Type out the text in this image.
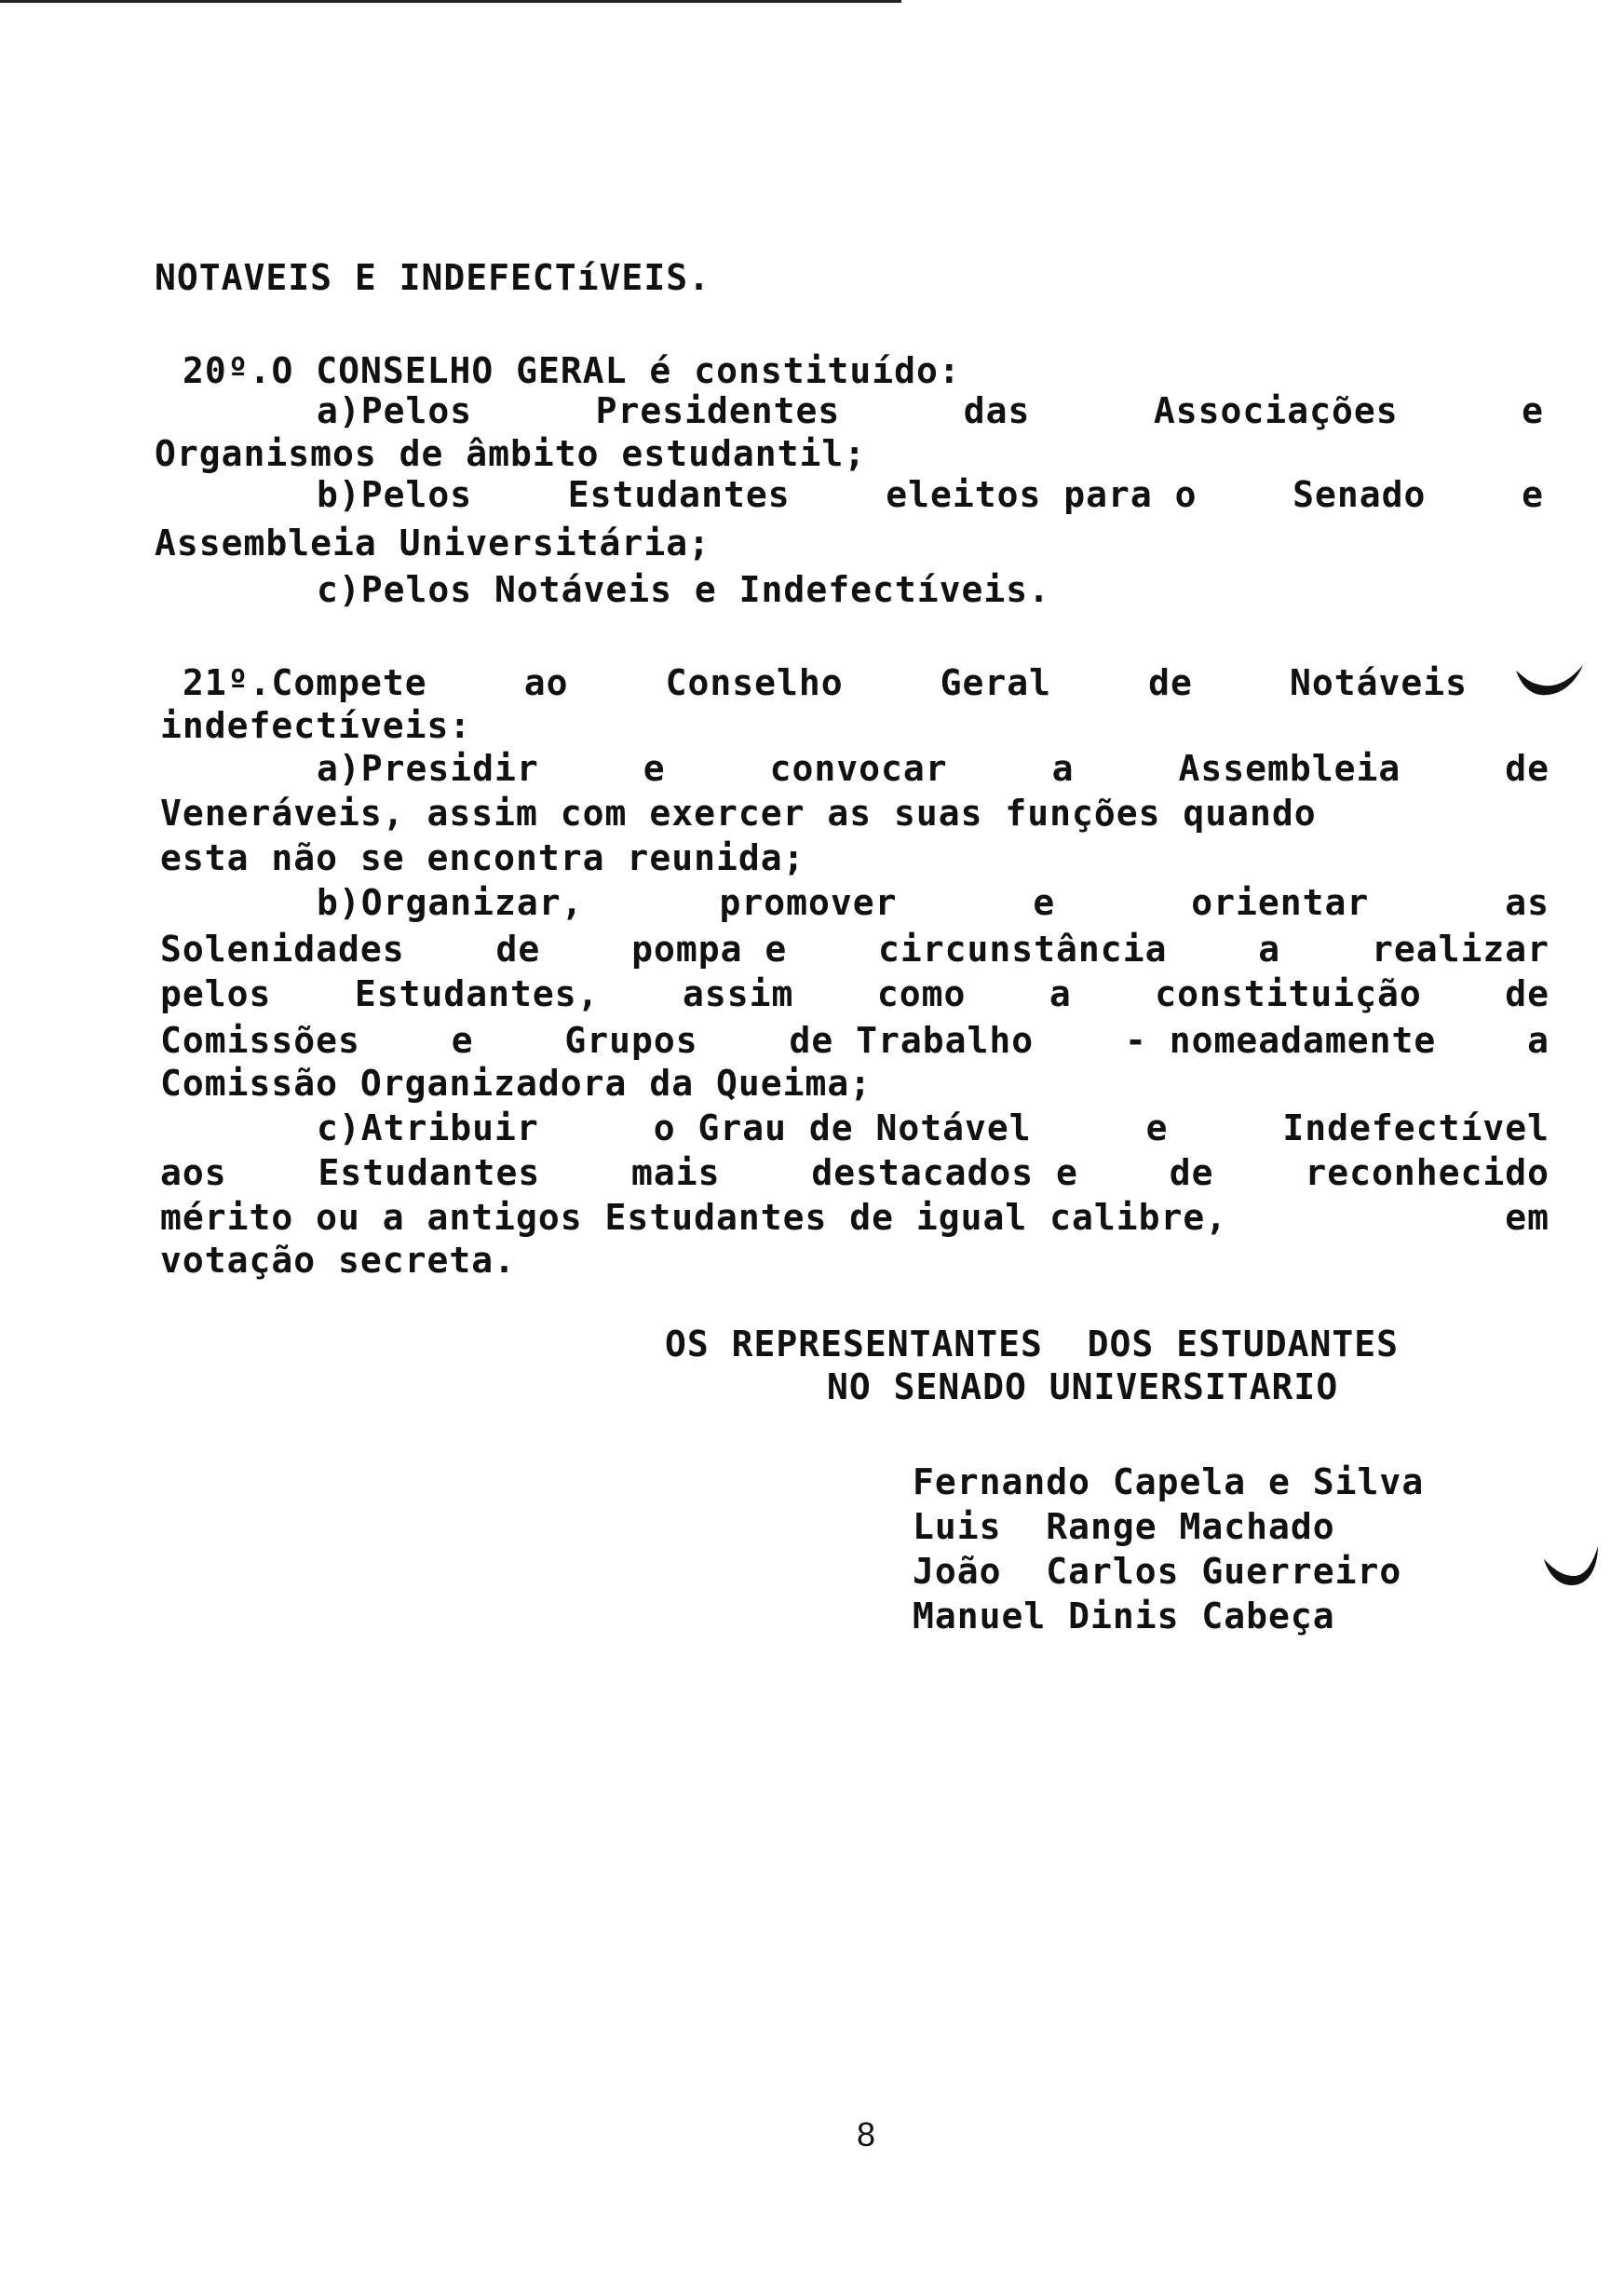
NOTAVEIS E INDEFECTíVEIS.
20º.O CONSELHO GERAL é constituído:
a)Pelos	Presidentes	das	Associações	e
Organismos de âmbito estudantil;
b)Pelos	Estudantes	eleitos para o	Senado	e
Assembleia Universitária;
c)Pelos Notáveis e Indefectíveis.
21º.Compete	ao	Conselho	Geral	de	Notáveis
indefectíveis:
a)Presidir	e	convocar	a	Assembleia	de
Veneráveis, assim com exercer as suas funções quando
esta não se encontra reunida;
b)Organizar,	promover	e	orientar	as
Solenidades	de	pompa e	circunstância	a	realizar
pelos Estudantes, assim como a constituição de
Comissões	e	Grupos	de Trabalho	- nomeadamente	a
Comissão Organizadora da Queima;
c)Atribuir	o Grau de Notável	e	Indefectível
aos	Estudantes	mais	destacados e	de	reconhecido
mérito ou a antigos Estudantes de igual calibre,	em
votação secreta.
OS REPRESENTANTES  DOS ESTUDANTES
NO SENADO UNIVERSITARIO
Fernando Capela e Silva
Luis  Range Machado
João  Carlos Guerreiro
Manuel Dinis Cabeça
8
